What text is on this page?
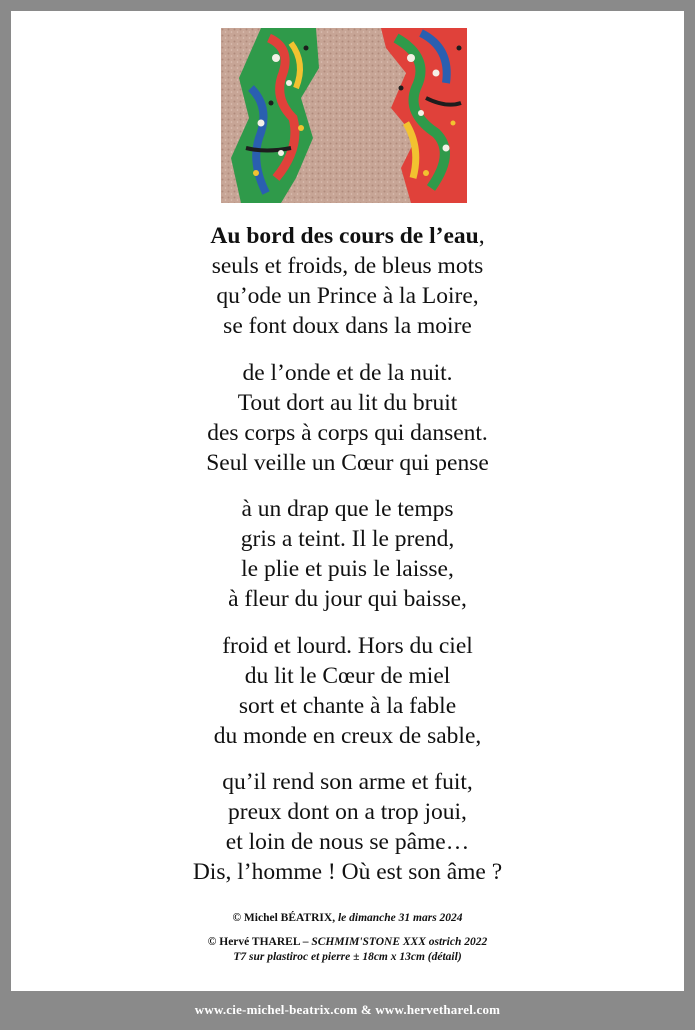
Au bord des cours de l’eau,
seuls et froids, de bleus mots
qu’ode un Prince à la Loire,
se font doux dans la moire
de l’onde et de la nuit.
Tout dort au lit du bruit
des corps à corps qui dansent.
Seul veille un Cœur qui pense
à un drap que le temps
gris a teint. Il le prend,
le plie et puis le laisse,
à fleur du jour qui baisse,
froid et lourd. Hors du ciel
du lit le Cœur de miel
sort et chante à la fable
du monde en creux de sable,
qu’il rend son arme et fuit,
preux dont on a trop joui,
et loin de nous se pâme…
Dis, l’homme ! Où est son âme ?
© Michel BÉATRIX, le dimanche 31 mars 2024
© Hervé THAREL – SCHMIM'STONE XXX ostrich 2022
T7 sur plastiroc et pierre ± 18cm x 13cm (détail)
www.cie-michel-beatrix.com & www.hervetharel.com
